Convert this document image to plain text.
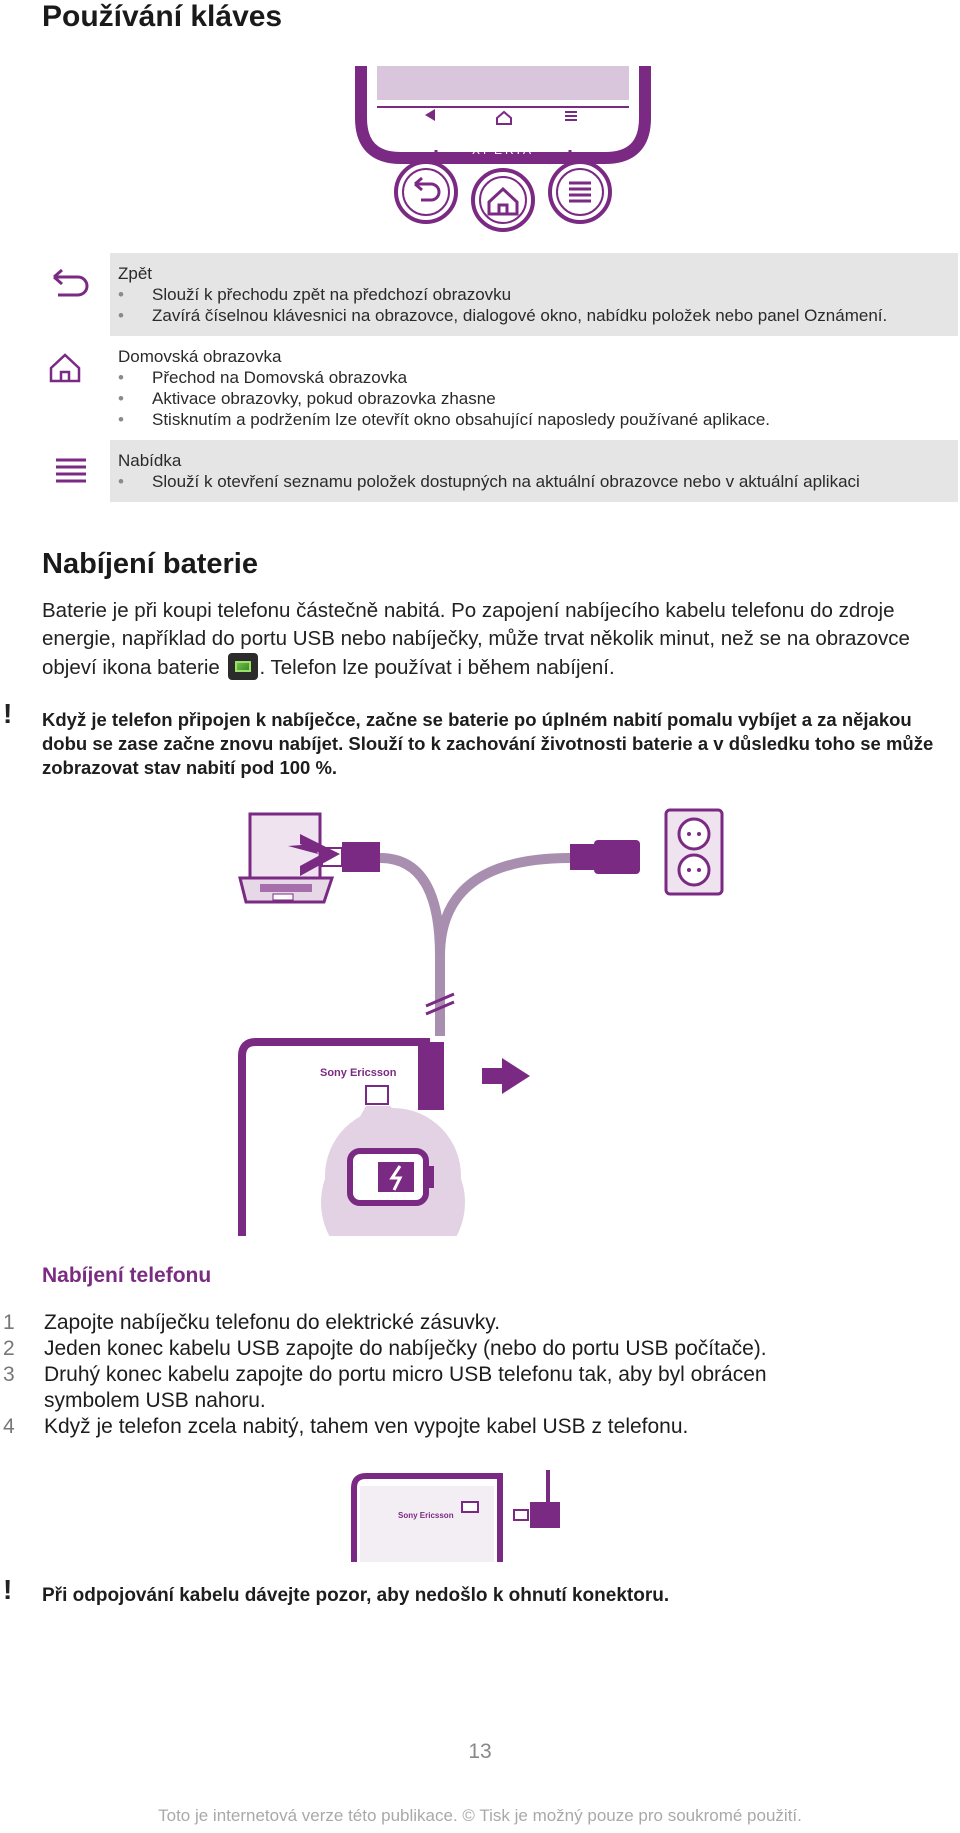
Používání kláves
XPERIA
Zpět
• Slouží k přechodu zpět na předchozí obrazovku
• Zavírá číselnou klávesnici na obrazovce, dialogové okno, nabídku položek nebo panel Oznámení.
Domovská obrazovka
• Přechod na Domovská obrazovka
• Aktivace obrazovky, pokud obrazovka zhasne
• Stisknutím a podržením lze otevřít okno obsahující naposledy používané aplikace.
Nabídka
• Slouží k otevření seznamu položek dostupných na aktuální obrazovce nebo v aktuální aplikaci
Nabíjení baterie
Baterie je při koupi telefonu částečně nabitá. Po zapojení nabíjecího kabelu telefonu do zdroje energie, například do portu USB nebo nabíječky, může trvat několik minut, než se na obrazovce objeví ikona baterie . Telefon lze používat i během nabíjení.
! Když je telefon připojen k nabíječce, začne se baterie po úplném nabití pomalu vybíjet a za nějakou dobu se zase začne znovu nabíjet. Slouží to k zachování životnosti baterie a v důsledku toho se může zobrazovat stav nabití pod 100 %.
Sony Ericsson
Nabíjení telefonu
1 Zapojte nabíječku telefonu do elektrické zásuvky.
2 Jeden konec kabelu USB zapojte do nabíječky (nebo do portu USB počítače).
3 Druhý konec kabelu zapojte do portu micro USB telefonu tak, aby byl obrácen symbolem USB nahoru.
4 Když je telefon zcela nabitý, tahem ven vypojte kabel USB z telefonu.
Sony Ericsson
! Při odpojování kabelu dávejte pozor, aby nedošlo k ohnutí konektoru.
13
Toto je internetová verze této publikace. © Tisk je možný pouze pro soukromé použití.
